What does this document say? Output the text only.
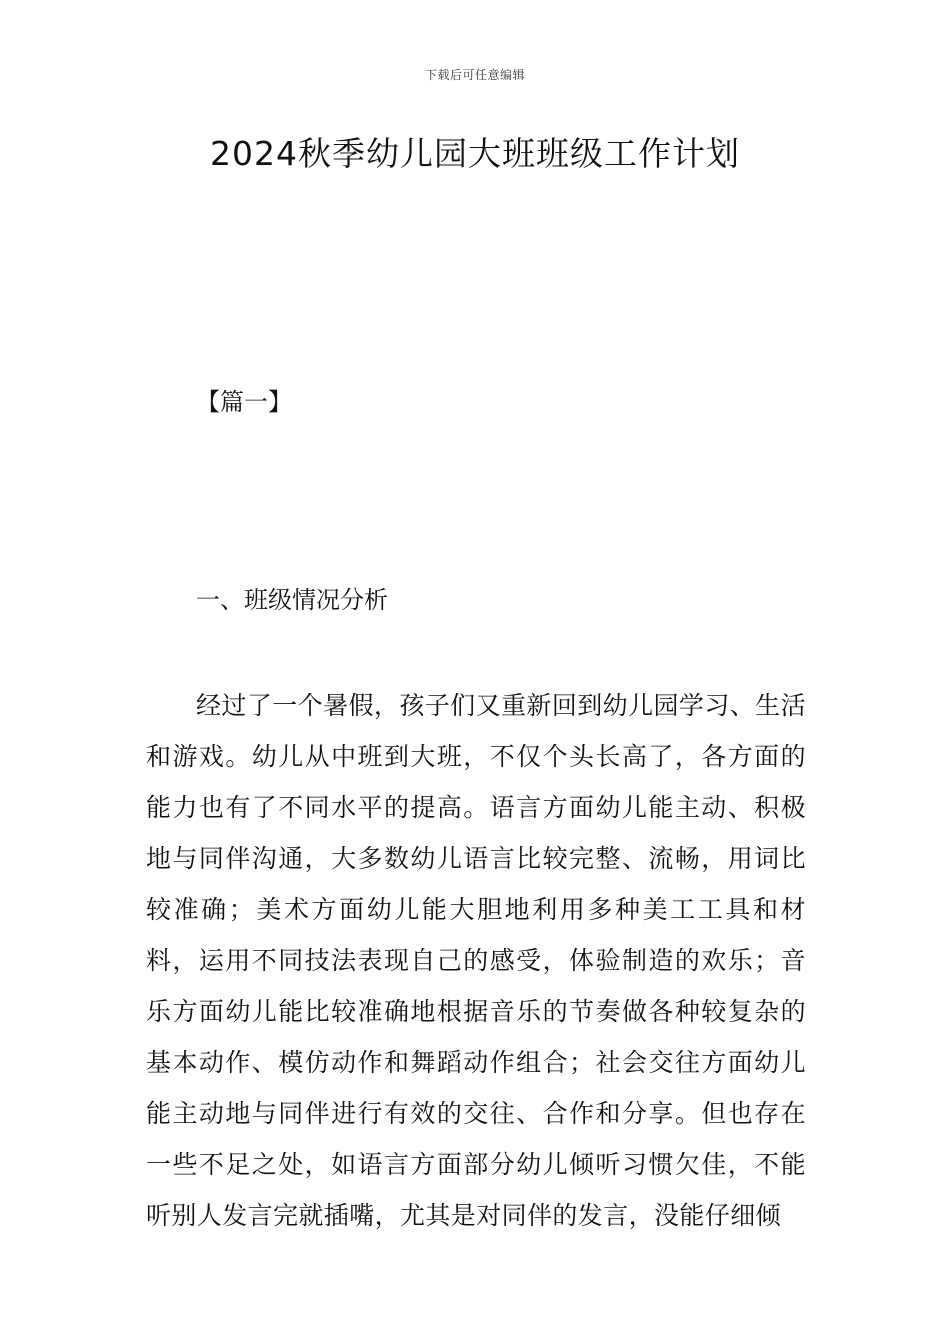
下载后可任意编辑
2024秋季幼儿园大班班级工作计划
【篇一】
一、班级情况分析

经过了一个暑假，孩子们又重新回到幼儿园学习、生活和游戏。幼儿从中班到大班，不仅个头长高了，各方面的能力也有了不同水平的提高。语言方面幼儿能主动、积极地与同伴沟通，大多数幼儿语言比较完整、流畅，用词比较准确；美术方面幼儿能大胆地利用多种美工工具和材料，运用不同技法表现自己的感受，体验制造的欢乐；音乐方面幼儿能比较准确地根据音乐的节奏做各种较复杂的基本动作、模仿动作和舞蹈动作组合；社会交往方面幼儿能主动地与同伴进行有效的交往、合作和分享。但也存在一些不足之处，如语言方面部分幼儿倾听习惯欠佳，不能听别人发言完就插嘴，尤其是对同伴的发言，没能仔细倾
